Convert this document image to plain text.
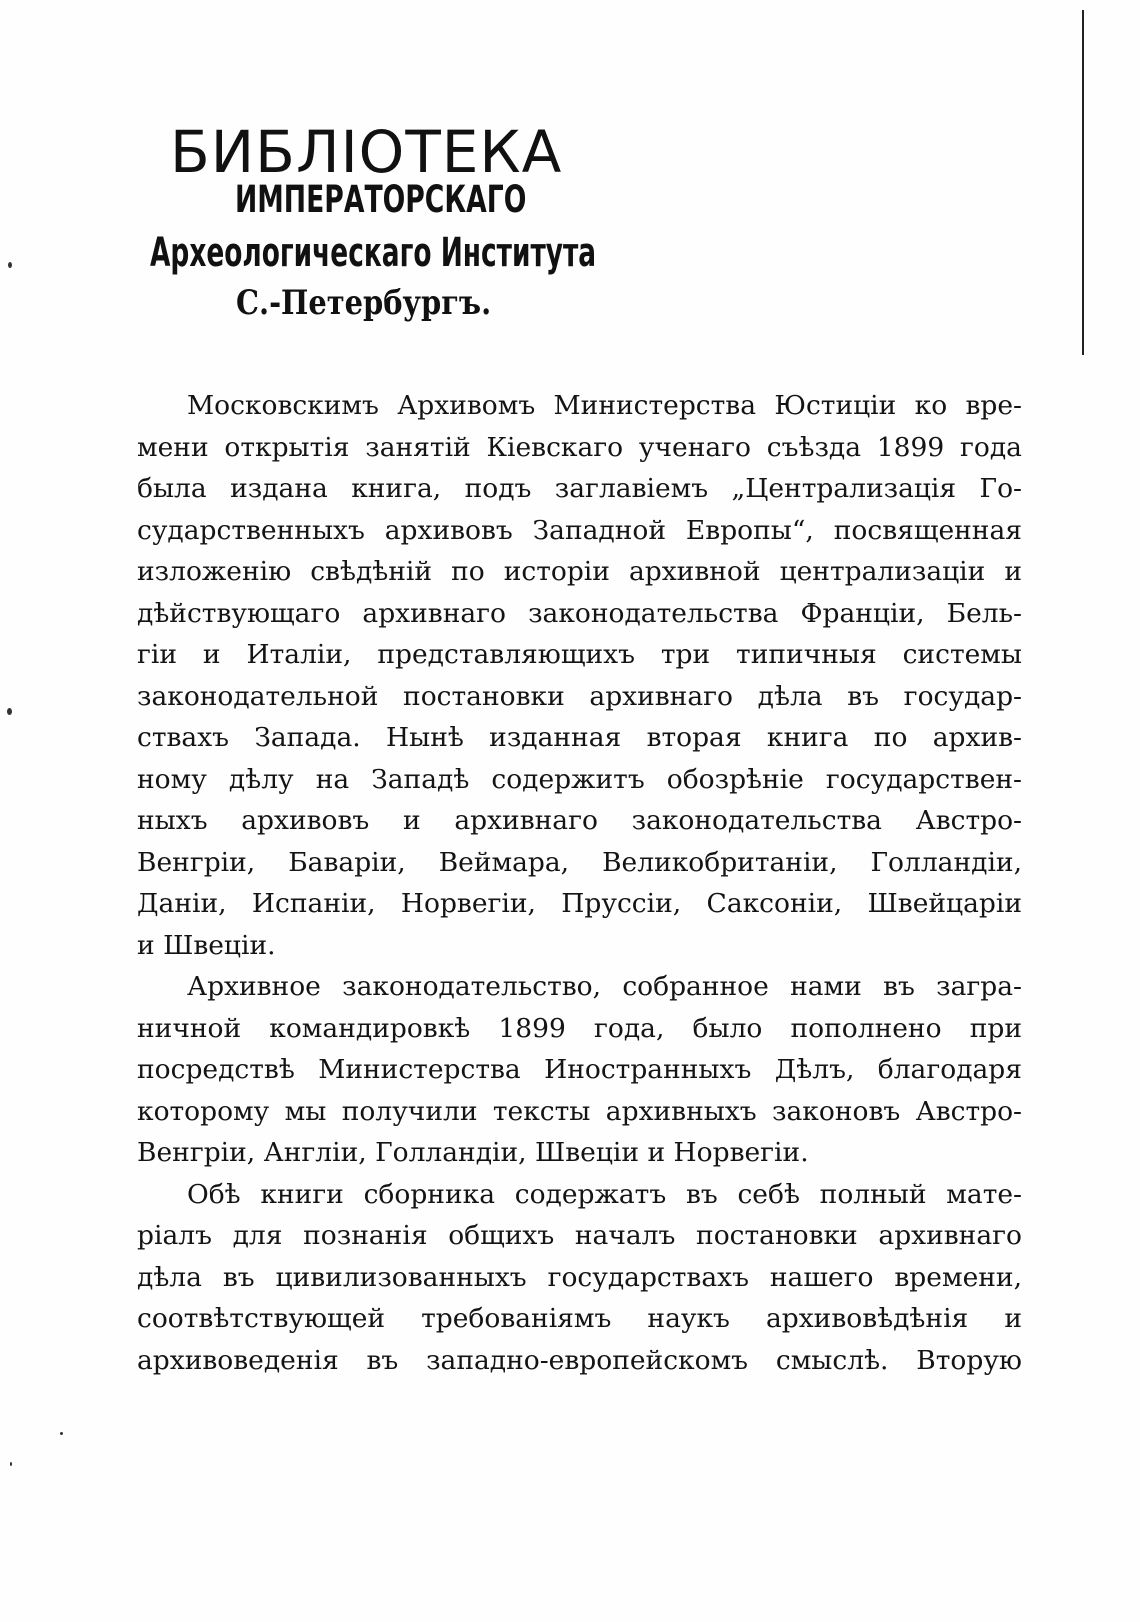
БИБЛІОТЕКА
ИМПЕРАТОРСКАГО
Археологическаго Института
С.-Петербургъ.
Московскимъ Архивомъ Министерства Юстиціи ко вре-
мени открытія занятій Кіевскаго ученаго съѣзда 1899 года
была издана книга, подъ заглавіемъ „Централизація Го-
сударственныхъ архивовъ Западной Европы“, посвященная
изложенію свѣдѣній по исторіи архивной централизаціи и
дѣйствующаго архивнаго законодательства Франціи, Бель-
гіи и Италіи, представляющихъ три типичныя системы
законодательной постановки архивнаго дѣла въ государ-
ствахъ Запада. Нынѣ изданная вторая книга по архив-
ному дѣлу на Западѣ содержитъ обозрѣніе государствен-
ныхъ архивовъ и архивнаго законодательства Австро-
Венгріи, Баваріи, Веймара, Великобританіи, Голландіи,
Даніи, Испаніи, Норвегіи, Пруссіи, Саксоніи, Швейцаріи
и Швеціи.
Архивное законодательство, собранное нами въ загра-
ничной командировкѣ 1899 года, было пополнено при
посредствѣ Министерства Иностранныхъ Дѣлъ, благодаря
которому мы получили тексты архивныхъ законовъ Австро-
Венгріи, Англіи, Голландіи, Швеціи и Норвегіи.
Обѣ книги сборника содержатъ въ себѣ полный мате-
ріалъ для познанія общихъ началъ постановки архивнаго
дѣла въ цивилизованныхъ государствахъ нашего времени,
соотвѣтствующей требованіямъ наукъ архивовѣдѣнія и
архивоведенія въ западно-европейскомъ смыслѣ. Вторую
